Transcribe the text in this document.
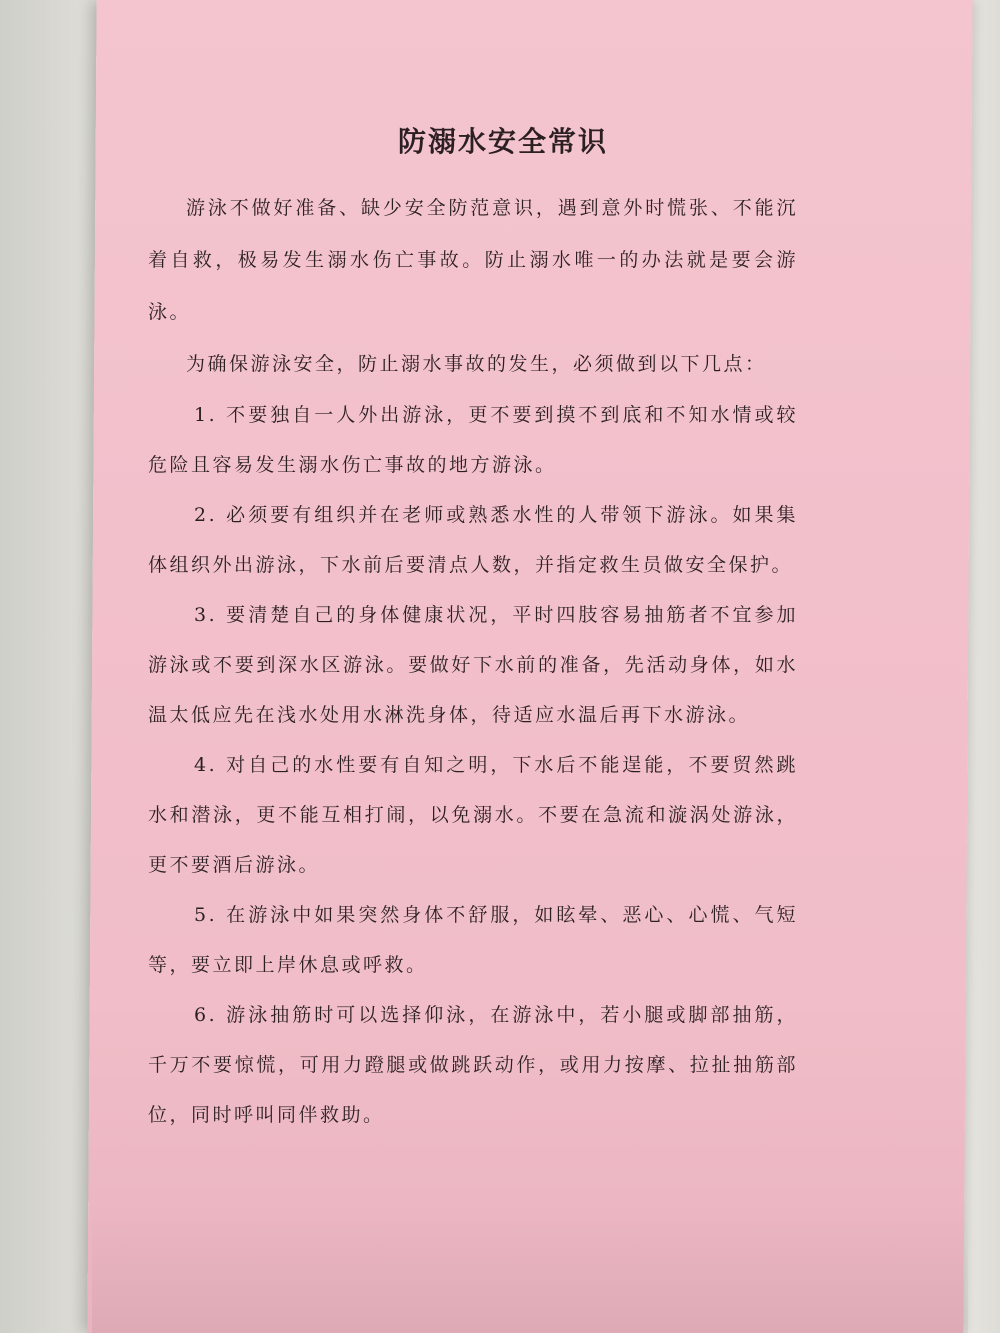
防溺水安全常识

游泳不做好准备、缺少安全防范意识，遇到意外时慌张、不能沉着自救，极易发生溺水伤亡事故。防止溺水唯一的办法就是要会游泳。

为确保游泳安全，防止溺水事故的发生，必须做到以下几点：

1. 不要独自一人外出游泳，更不要到摸不到底和不知水情或较危险且容易发生溺水伤亡事故的地方游泳。

2. 必须要有组织并在老师或熟悉水性的人带领下游泳。如果集体组织外出游泳，下水前后要清点人数，并指定救生员做安全保护。

3. 要清楚自己的身体健康状况，平时四肢容易抽筋者不宜参加游泳或不要到深水区游泳。要做好下水前的准备，先活动身体，如水温太低应先在浅水处用水淋洗身体，待适应水温后再下水游泳。

4. 对自己的水性要有自知之明，下水后不能逞能，不要贸然跳水和潜泳，更不能互相打闹，以免溺水。不要在急流和漩涡处游泳，更不要酒后游泳。

5. 在游泳中如果突然身体不舒服，如眩晕、恶心、心慌、气短等，要立即上岸休息或呼救。

6. 游泳抽筋时可以选择仰泳，在游泳中，若小腿或脚部抽筋，千万不要惊慌，可用力蹬腿或做跳跃动作，或用力按摩、拉扯抽筋部位，同时呼叫同伴救助。
